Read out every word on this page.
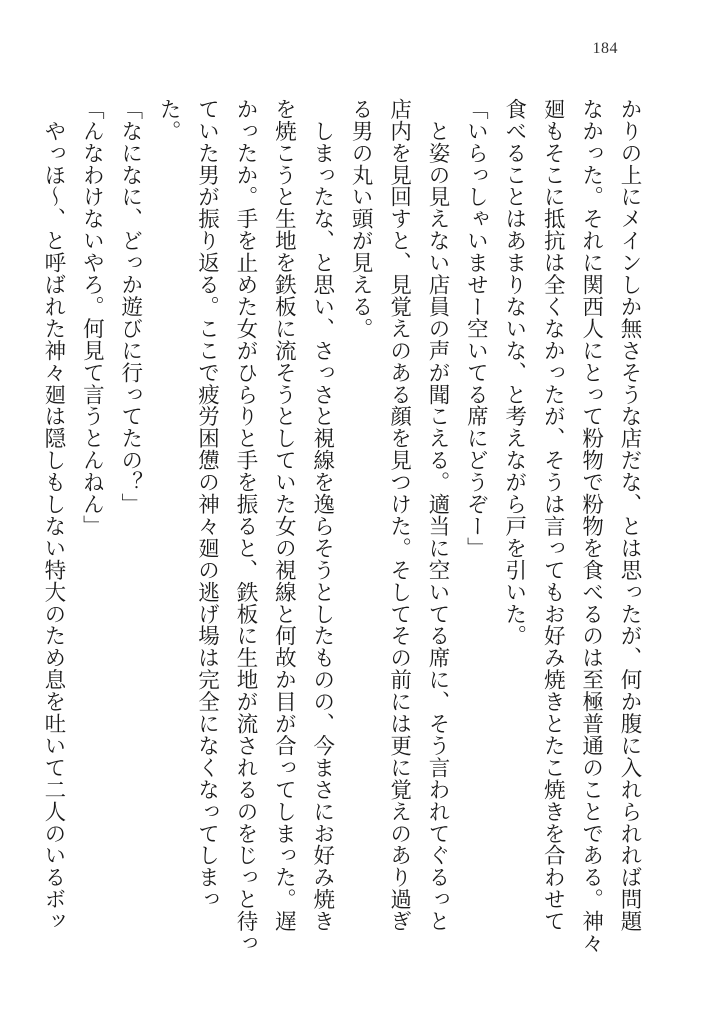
184
かりの上にメインしか無さそうな店だな、とは思ったが、何か腹に入れられれば問題
なかった。それに関西人にとって粉物で粉物を食べるのは至極普通のことである。神々
廻もそこに抵抗は全くなかったが、そうは言ってもお好み焼きとたこ焼きを合わせて
食べることはあまりないな、と考えながら戸を引いた。
「いらっしゃいませー空いてる席にどうぞー」
　と姿の見えない店員の声が聞こえる。適当に空いてる席に、そう言われてぐるっと
店内を見回すと、見覚えのある顔を見つけた。そしてその前には更に覚えのあり過ぎ
る男の丸い頭が見える。
　しまったな、と思い、さっさと視線を逸らそうとしたものの、今まさにお好み焼き
を焼こうと生地を鉄板に流そうとしていた女の視線と何故か目が合ってしまった。遅
かったか。手を止めた女がひらりと手を振ると、鉄板に生地が流されるのをじっと待っ
ていた男が振り返る。ここで疲労困憊の神々廻の逃げ場は完全になくなってしまっ
た。
「なになに、どっか遊びに行ってたの？」
「んなわけないやろ。何見て言うとんねん」
　やっほ〜、と呼ばれた神々廻は隠しもしない特大のため息を吐いて二人のいるボッ
